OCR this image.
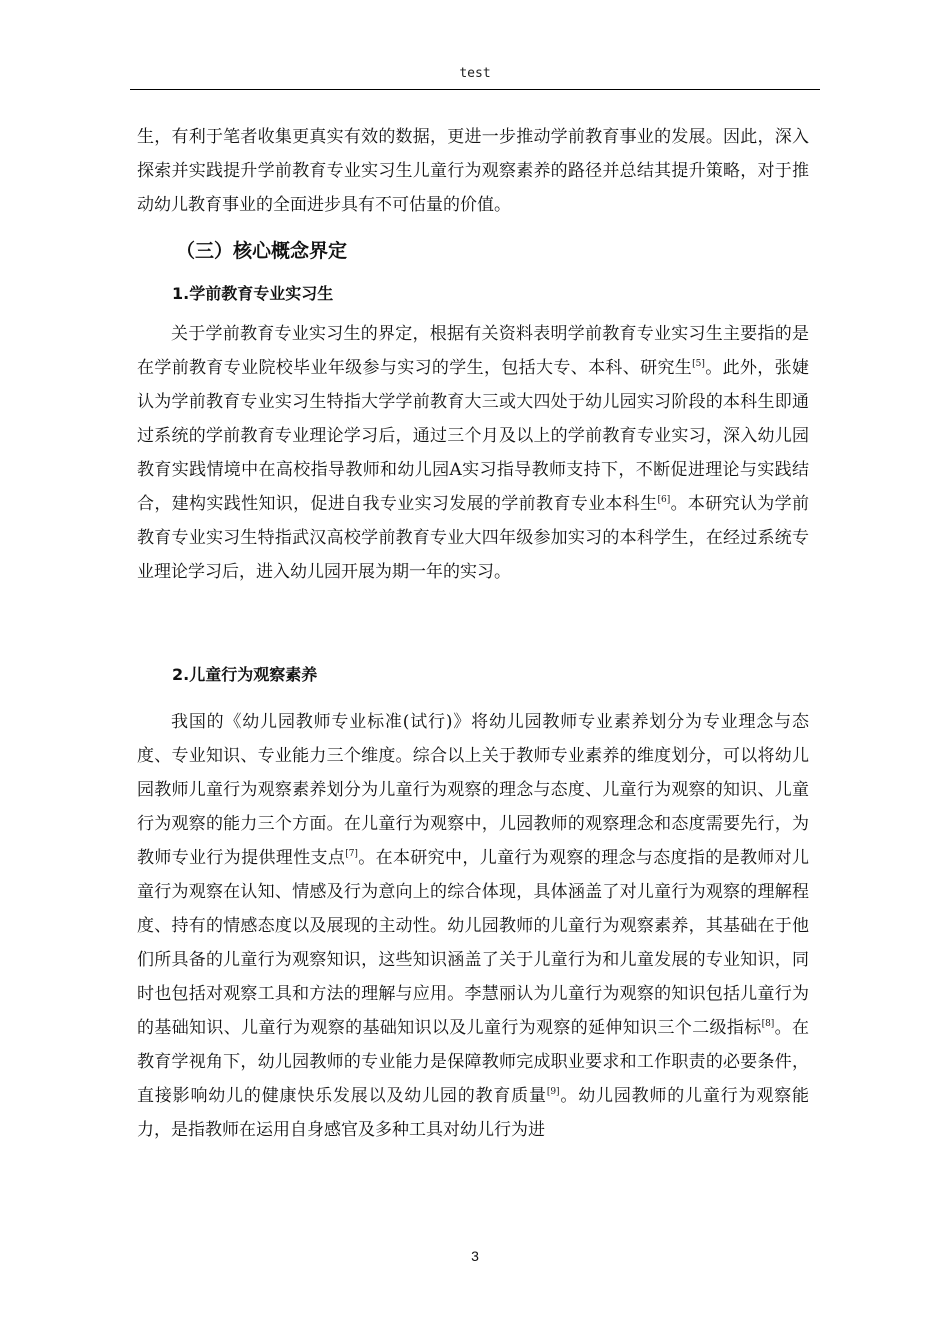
test

生，有利于笔者收集更真实有效的数据，更进一步推动学前教育事业的发展。因此，深入探索并实践提升学前教育专业实习生儿童行为观察素养的路径并总结其提升策略，对于推动幼儿教育事业的全面进步具有不可估量的价值。

（三）核心概念界定
1.学前教育专业实习生

关于学前教育专业实习生的界定，根据有关资料表明学前教育专业实习生主要指的是在学前教育专业院校毕业年级参与实习的学生，包括大专、本科、研究生[5]。此外，张婕认为学前教育专业实习生特指大学学前教育大三或大四处于幼儿园实习阶段的本科生即通过系统的学前教育专业理论学习后，通过三个月及以上的学前教育专业实习，深入幼儿园教育实践情境中在高校指导教师和幼儿园A实习指导教师支持下，不断促进理论与实践结合，建构实践性知识，促进自我专业实习发展的学前教育专业本科生[6]。本研究认为学前教育专业实习生特指武汉高校学前教育专业大四年级参加实习的本科学生，在经过系统专业理论学习后，进入幼儿园开展为期一年的实习。

2.儿童行为观察素养

我国的《幼儿园教师专业标准(试行)》将幼儿园教师专业素养划分为专业理念与态度、专业知识、专业能力三个维度。综合以上关于教师专业素养的维度划分，可以将幼儿园教师儿童行为观察素养划分为儿童行为观察的理念与态度、儿童行为观察的知识、儿童行为观察的能力三个方面。在儿童行为观察中，儿园教师的观察理念和态度需要先行，为教师专业行为提供理性支点[7]。在本研究中，儿童行为观察的理念与态度指的是教师对儿童行为观察在认知、情感及行为意向上的综合体现，具体涵盖了对儿童行为观察的理解程度、持有的情感态度以及展现的主动性。幼儿园教师的儿童行为观察素养，其基础在于他们所具备的儿童行为观察知识，这些知识涵盖了关于儿童行为和儿童发展的专业知识，同时也包括对观察工具和方法的理解与应用。李慧丽认为儿童行为观察的知识包括儿童行为的基础知识、儿童行为观察的基础知识以及儿童行为观察的延伸知识三个二级指标[8]。在教育学视角下，幼儿园教师的专业能力是保障教师完成职业要求和工作职责的必要条件，直接影响幼儿的健康快乐发展以及幼儿园的教育质量[9]。幼儿园教师的儿童行为观察能力，是指教师在运用自身感官及多种工具对幼儿行为进

3
